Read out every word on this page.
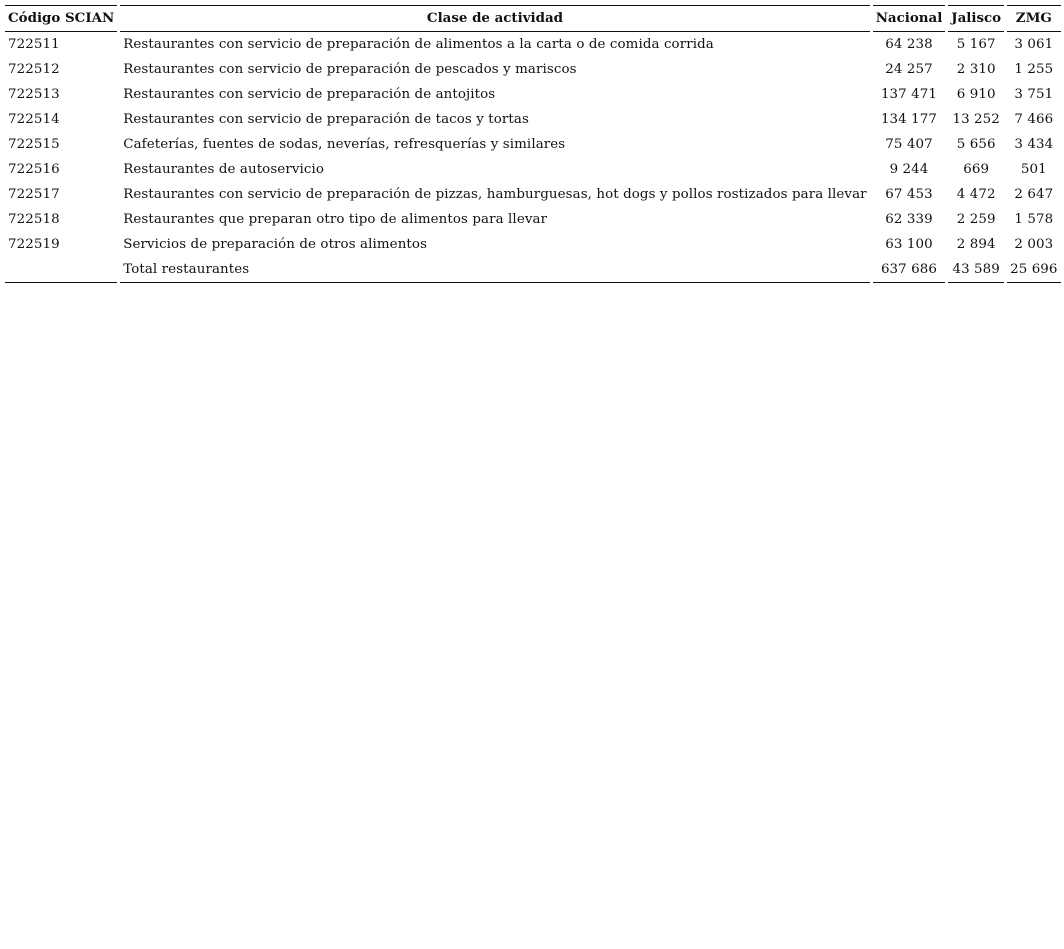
Código SCIAN	Clase de actividad	Nacional	Jalisco	ZMG
722511	Restaurantes con servicio de preparación de alimentos a la carta o de comida corrida	64 238	5 167	3 061
722512	Restaurantes con servicio de preparación de pescados y mariscos	24 257	2 310	1 255
722513	Restaurantes con servicio de preparación de antojitos	137 471	6 910	3 751
722514	Restaurantes con servicio de preparación de tacos y tortas	134 177	13 252	7 466
722515	Cafeterías, fuentes de sodas, neverías, refresquerías y similares	75 407	5 656	3 434
722516	Restaurantes de autoservicio	9 244	669	501
722517	Restaurantes con servicio de preparación de pizzas, hamburguesas, hot dogs y pollos rostizados para llevar	67 453	4 472	2 647
722518	Restaurantes que preparan otro tipo de alimentos para llevar	62 339	2 259	1 578
722519	Servicios de preparación de otros alimentos	63 100	2 894	2 003
	Total restaurantes	637 686	43 589	25 696
